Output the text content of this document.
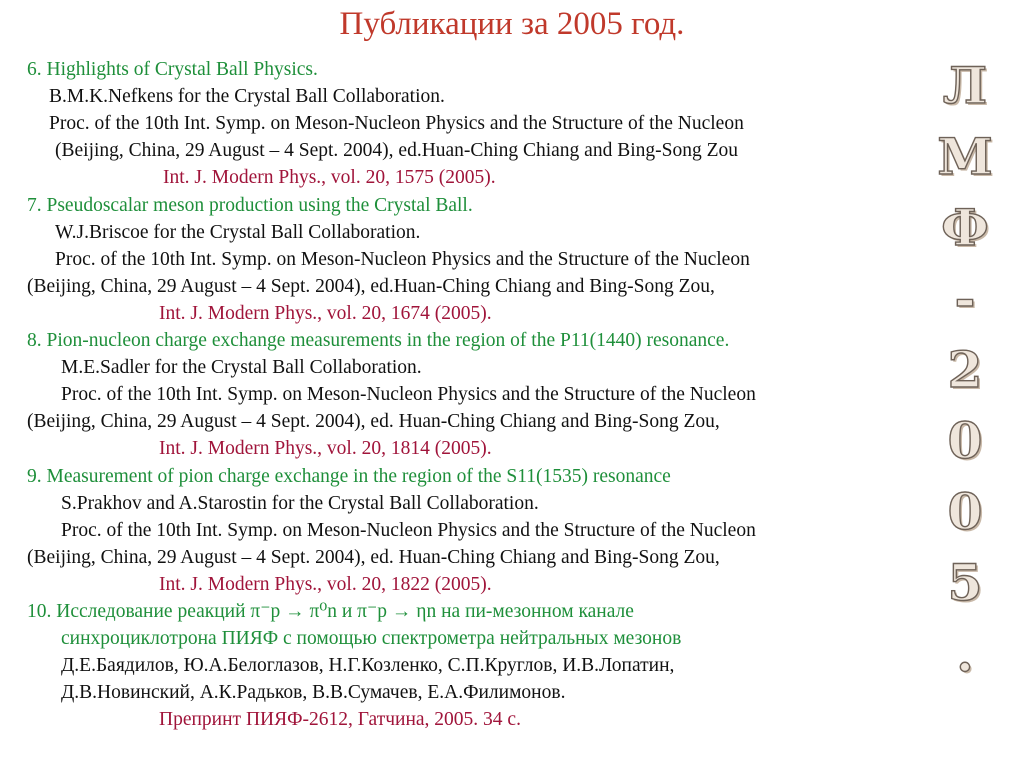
Публикации за 2005 год.
6. Highlights of Crystal Ball Physics.
B.M.K.Nefkens for the Crystal Ball Collaboration.
Proc. of the 10th Int. Symp. on Meson-Nucleon Physics and the Structure of the Nucleon
(Beijing, China, 29 August – 4 Sept. 2004), ed.Huan-Ching Chiang and Bing-Song Zou
Int. J. Modern Phys., vol. 20, 1575 (2005).
7. Pseudoscalar meson production using the Crystal Ball.
W.J.Briscoe for the Crystal Ball Collaboration.
Proc. of the 10th Int. Symp. on Meson-Nucleon Physics and the Structure of the Nucleon
(Beijing, China, 29 August – 4 Sept. 2004), ed.Huan-Ching Chiang and Bing-Song Zou,
Int. J. Modern Phys., vol. 20, 1674 (2005).
8. Pion-nucleon charge exchange measurements in the region of the P11(1440) resonance.
M.E.Sadler for the Crystal Ball Collaboration.
Proc. of the 10th Int. Symp. on Meson-Nucleon Physics and the Structure of the Nucleon
(Beijing, China, 29 August – 4 Sept. 2004), ed. Huan-Ching Chiang and Bing-Song Zou,
Int. J. Modern Phys., vol. 20, 1814 (2005).
9. Measurement of pion charge exchange in the region of the S11(1535) resonance
S.Prakhov and A.Starostin for the Crystal Ball Collaboration.
Proc. of the 10th Int. Symp. on Meson-Nucleon Physics and the Structure of the Nucleon
(Beijing, China, 29 August – 4 Sept. 2004), ed. Huan-Ching Chiang and Bing-Song Zou,
Int. J. Modern Phys., vol. 20, 1822 (2005).
10. Исследование реакций π⁻p → π⁰n и π⁻p → ηn на пи-мезонном канале
синхроциклотрона ПИЯФ с помощью спектрометра нейтральных мезонов
Д.Е.Баядилов, Ю.А.Белоглазов, Н.Г.Козленко, С.П.Круглов, И.В.Лопатин,
Д.В.Новинский, А.К.Радьков, В.В.Сумачев, Е.А.Филимонов.
Препринт ПИЯФ-2612, Гатчина, 2005. 34 с.
Л
М
Ф
-
2
0
0
5
.
